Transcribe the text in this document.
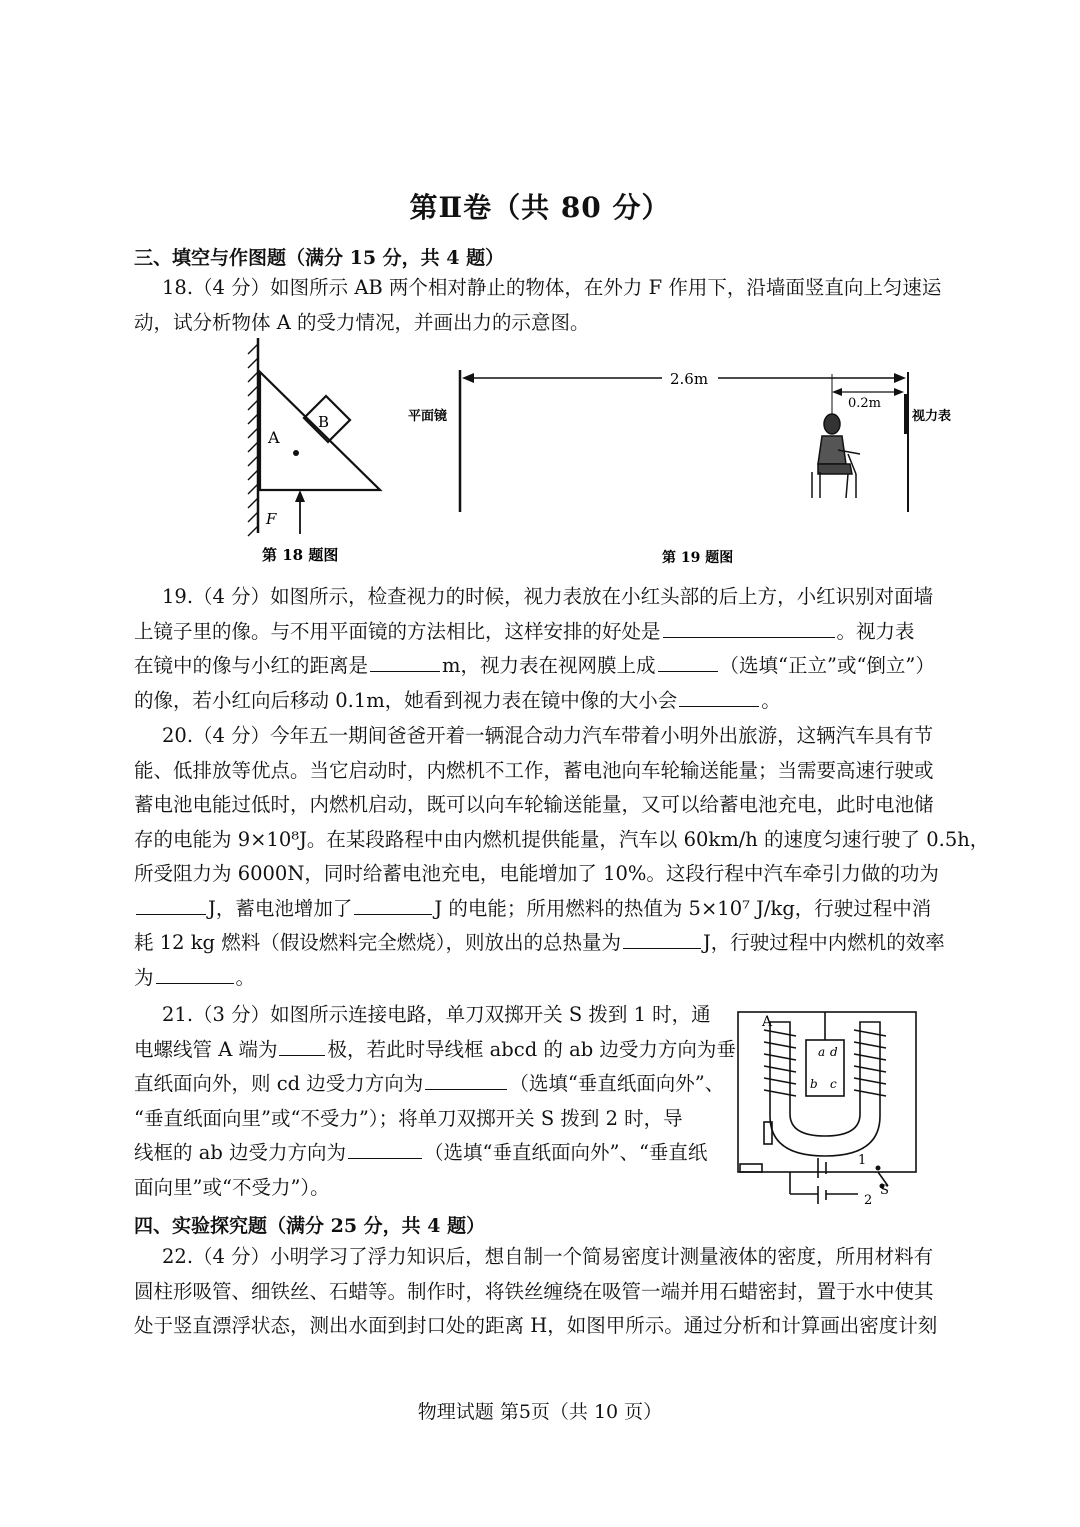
第Ⅱ卷（共 80 分）
三、填空与作图题（满分 15 分，共 4 题）
18.（4 分）如图所示 AB 两个相对静止的物体，在外力 F 作用下，沿墙面竖直向上匀速运
动，试分析物体 A 的受力情况，并画出力的示意图。
B
A
F
第 18 题图
平面镜	视力表
2.6m
0.2m
第 19 题图
19.（4 分）如图所示，检查视力的时候，视力表放在小红头部的后上方，小红识别对面墙
上镜子里的像。与不用平面镜的方法相比，这样安排的好处是	。视力表
在镜中的像与小红的距离是	m，视力表在视网膜上成	（选填“正立”或“倒立”）
的像，若小红向后移动 0.1m，她看到视力表在镜中像的大小会	。
20.（4 分）今年五一期间爸爸开着一辆混合动力汽车带着小明外出旅游，这辆汽车具有节
能、低排放等优点。当它启动时，内燃机不工作，蓄电池向车轮输送能量；当需要高速行驶或
蓄电池电能过低时，内燃机启动，既可以向车轮输送能量，又可以给蓄电池充电，此时电池储
存的电能为 9×10⁸J。在某段路程中由内燃机提供能量，汽车以 60km/h 的速度匀速行驶了 0.5h，
所受阻力为 6000N，同时给蓄电池充电，电能增加了 10%。这段行程中汽车牵引力做的功为
J，蓄电池增加了	J 的电能；所用燃料的热值为 5×10⁷ J/kg，行驶过程中消
耗 12 kg 燃料（假设燃料完全燃烧），则放出的总热量为	J，行驶过程中内燃机的效率
为	。
21.（3 分）如图所示连接电路，单刀双掷开关 S 拨到 1 时，通
电螺线管 A 端为	极，若此时导线框 abcd 的 ab 边受力方向为垂
直纸面向外，则 cd 边受力方向为	（选填“垂直纸面向外”、
“垂直纸面向里”或“不受力”）；将单刀双掷开关 S 拨到 2 时，导
线框的 ab 边受力方向为	（选填“垂直纸面向外”、“垂直纸
面向里”或“不受力”）。
A
a d
b c
1
2
S
四、实验探究题（满分 25 分，共 4 题）
22.（4 分）小明学习了浮力知识后，想自制一个简易密度计测量液体的密度，所用材料有
圆柱形吸管、细铁丝、石蜡等。制作时，将铁丝缠绕在吸管一端并用石蜡密封，置于水中使其
处于竖直漂浮状态，测出水面到封口处的距离 H，如图甲所示。通过分析和计算画出密度计刻
物理试题 第5页（共 10 页）
